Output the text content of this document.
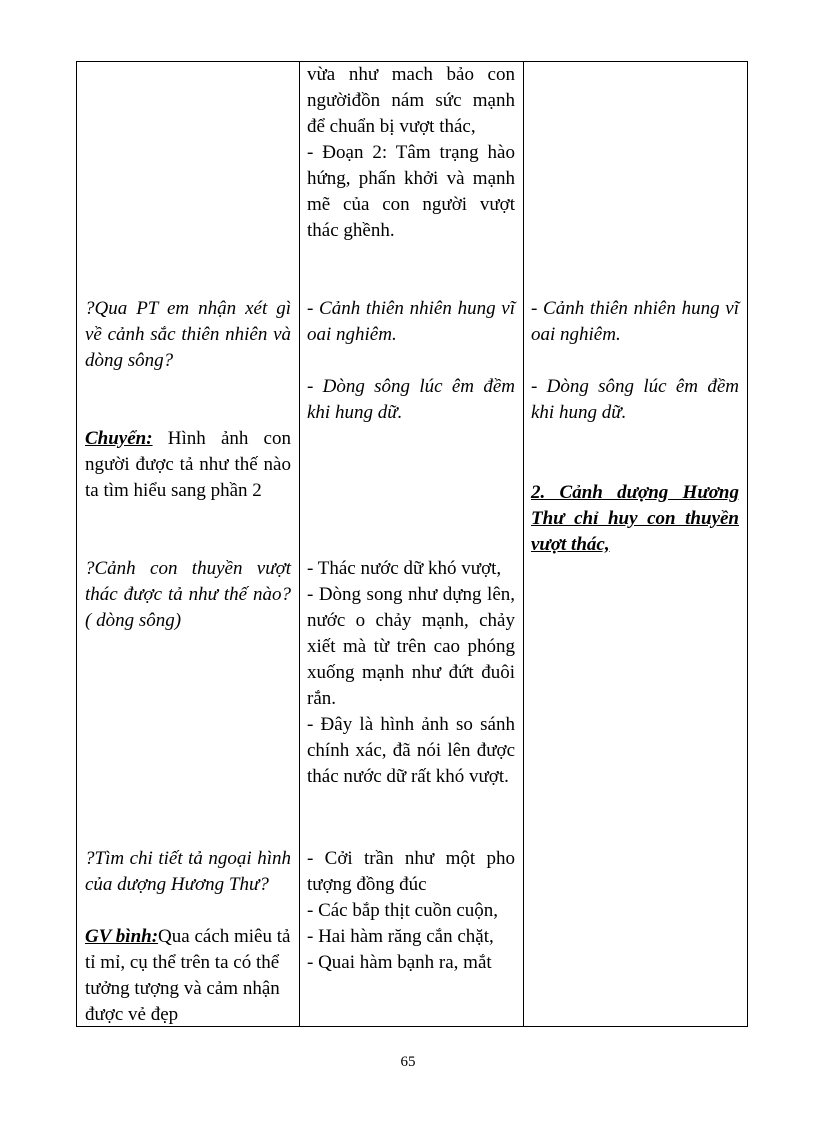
?Qua PT em nhận xét gì về cảnh sắc thiên nhiên và dòng sông?
Chuyển: Hình ảnh con người được tả như thế nào ta tìm hiểu sang phần 2
?Cảnh con thuyền vượt thác được tả như thế nào? ( dòng sông)
?Tìm chi tiết tả ngoại hình của dượng Hương Thư?
GV bình:Qua cách miêu tả tỉ mỉ, cụ thể trên ta có thể tưởng tượng và cảm nhận được vẻ đẹp

vừa như mach bảo con ngườiđồn nám sức mạnh để chuẩn bị vượt thác,

- Đoạn 2: Tâm trạng hào hứng, phấn khởi và mạnh mẽ của con người vượt thác ghềnh.

- Cảnh thiên nhiên hung vĩ oai nghiêm.
- Dòng sông lúc êm đềm khi hung dữ.

- Thác nước dữ khó vượt,

- Dòng song như dựng lên, nước o chảy mạnh, chảy xiết mà từ trên cao phóng xuống mạnh như đứt đuôi rắn.

- Đây là hình ảnh so sánh chính xác, đã nói lên được thác nước dữ rất khó vượt.

- Cởi trần như một pho tượng đồng đúc

- Các bắp thịt cuồn cuộn,

- Hai hàm răng cắn chặt,

- Quai hàm bạnh ra, mắt

- Cảnh thiên nhiên hung vĩ oai nghiêm.
- Dòng sông lúc êm đềm khi hung dữ.
2. Cảnh dượng Hương Thư chỉ huy con thuyền vượt thác,
65
